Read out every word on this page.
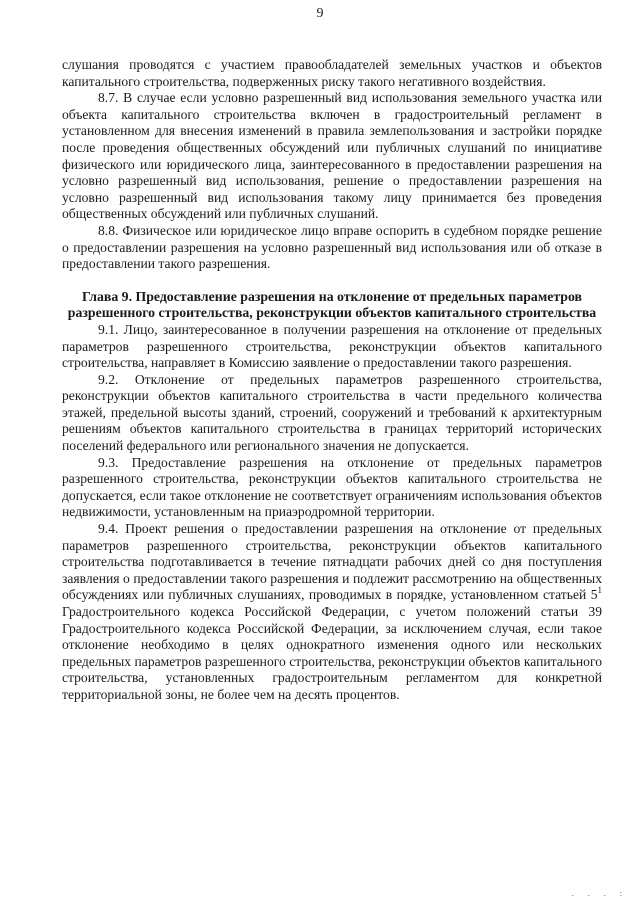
9

слушания проводятся с участием правообладателей земельных участков и объектов капитального строительства, подверженных риску такого негативного воздействия.

8.7. В случае если условно разрешенный вид использования земельного участка или объекта капитального строительства включен в градостроительный регламент в установленном для внесения изменений в правила землепользования и застройки порядке после проведения общественных обсуждений или публичных слушаний по инициативе физического или юридического лица, заинтересованного в предоставлении разрешения на условно разрешенный вид использования, решение о предоставлении разрешения на условно разрешенный вид использования такому лицу принимается без проведения общественных обсуждений или публичных слушаний.

8.8. Физическое или юридическое лицо вправе оспорить в судебном порядке решение о предоставлении разрешения на условно разрешенный вид использования или об отказе в предоставлении такого разрешения.

Глава 9. Предоставление разрешения на отклонение от предельных параметров разрешенного строительства, реконструкции объектов капитального строительства

9.1. Лицо, заинтересованное в получении разрешения на отклонение от предельных параметров разрешенного строительства, реконструкции объектов капитального строительства, направляет в Комиссию заявление о предоставлении такого разрешения.

9.2. Отклонение от предельных параметров разрешенного строительства, реконструкции объектов капитального строительства в части предельного количества этажей, предельной высоты зданий, строений, сооружений и требований к архитектурным решениям объектов капитального строительства в границах территорий исторических поселений федерального или регионального значения не допускается.

9.3. Предоставление разрешения на отклонение от предельных параметров разрешенного строительства, реконструкции объектов капитального строительства не допускается, если такое отклонение не соответствует ограничениям использования объектов недвижимости, установленным на приаэродромной территории.

9.4. Проект решения о предоставлении разрешения на отклонение от предельных параметров разрешенного строительства, реконструкции объектов капитального строительства подготавливается в течение пятнадцати рабочих дней со дня поступления заявления о предоставлении такого разрешения и подлежит рассмотрению на общественных обсуждениях или публичных слушаниях, проводимых в порядке, установленном статьей $5^1$ Градостроительного кодекса Российской Федерации, с учетом положений статьи 39 Градостроительного кодекса Российской Федерации, за исключением случая, если такое отклонение необходимо в целях однократного изменения одного или нескольких предельных параметров разрешенного строительства, реконструкции объектов капитального строительства, установленных градостроительным регламентом для конкретной территориальной зоны, не более чем на десять процентов.

. . . :
